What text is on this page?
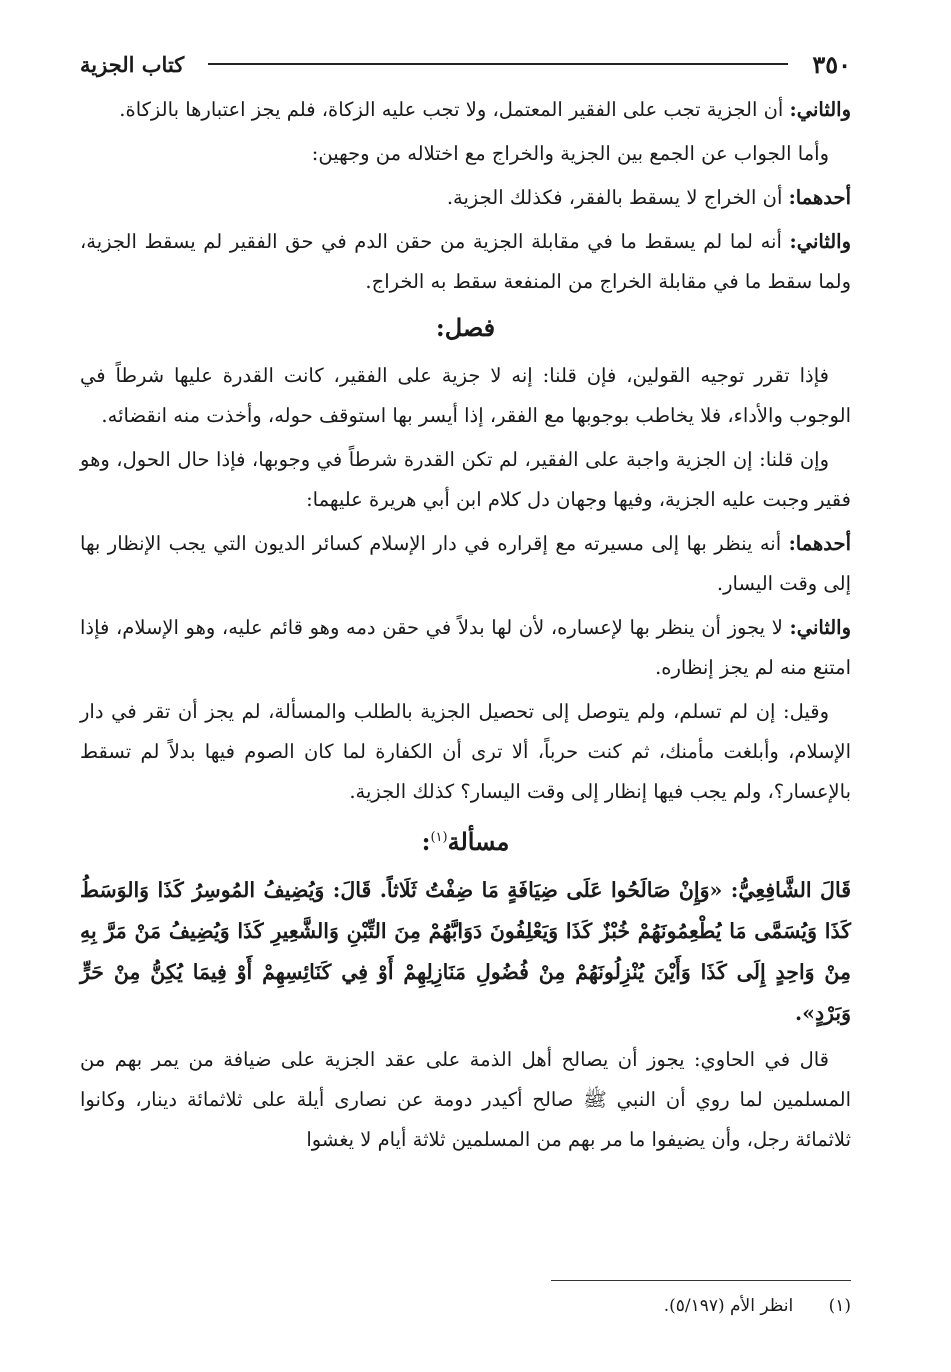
٣٥٠
كتاب الجزية

والثاني: أن الجزية تجب على الفقير المعتمل، ولا تجب عليه الزكاة، فلم يجز اعتبارها بالزكاة.

وأما الجواب عن الجمع بين الجزية والخراج مع اختلاله من وجهين:

أحدهما: أن الخراج لا يسقط بالفقر، فكذلك الجزية.

والثاني: أنه لما لم يسقط ما في مقابلة الجزية من حقن الدم في حق الفقير لم يسقط الجزية، ولما سقط ما في مقابلة الخراج من المنفعة سقط به الخراج.

فصل:

فإذا تقرر توجيه القولين، فإن قلنا: إنه لا جزية على الفقير، كانت القدرة عليها شرطاً في الوجوب والأداء، فلا يخاطب بوجوبها مع الفقر، إذا أيسر بها استوقف حوله، وأخذت منه انقضائه.

وإن قلنا: إن الجزية واجبة على الفقير، لم تكن القدرة شرطاً في وجوبها، فإذا حال الحول، وهو فقير وجبت عليه الجزية، وفيها وجهان دل كلام ابن أبي هريرة عليهما:

أحدهما: أنه ينظر بها إلى مسيرته مع إقراره في دار الإسلام كسائر الديون التي يجب الإنظار بها إلى وقت اليسار.

والثاني: لا يجوز أن ينظر بها لإعساره، لأن لها بدلاً في حقن دمه وهو قائم عليه، وهو الإسلام، فإذا امتنع منه لم يجز إنظاره.

وقيل: إن لم تسلم، ولم يتوصل إلى تحصيل الجزية بالطلب والمسألة، لم يجز أن تقر في دار الإسلام، وأبلغت مأمنك، ثم كنت حرباً، ألا ترى أن الكفارة لما كان الصوم فيها بدلاً لم تسقط بالإعسار؟، ولم يجب فيها إنظار إلى وقت اليسار؟ كذلك الجزية.

مسألة$^{(١)}$:

قَالَ الشَّافِعِيُّ: «وَإِنْ صَالَحُوا عَلَى ضِيَافَةٍ مَا ضِفْتُ ثَلَاثاً. قَالَ: وَيُضِيفُ المُوسِرُ كَذَا وَالوَسَطُ كَذَا وَيُسَمَّى مَا يُطْعِمُونَهُمْ خُبْزٌ كَذَا وَيَعْلِفُونَ دَوَابَّهُمْ مِنَ التِّبْنِ وَالشَّعِيرِ كَذَا وَيُضِيفُ مَنْ مَرَّ بِهِ مِنْ وَاحِدٍ إِلَى كَذَا وَأَيْنَ يُنْزِلُونَهُمْ مِنْ فُضُولِ مَنَازِلِهِمْ أَوْ فِي كَنَائِسِهِمْ أَوْ فِيمَا يُكِنُّ مِنْ حَرٍّ وَبَرْدٍ».

قال في الحاوي: يجوز أن يصالح أهل الذمة على عقد الجزية على ضيافة من يمر بهم من المسلمين لما روي أن النبي ﷺ صالح أكيدر دومة عن نصارى أيلة على ثلاثمائة دينار، وكانوا ثلاثمائة رجل، وأن يضيفوا ما مر بهم من المسلمين ثلاثة أيام لا يغشوا

(١) انظر الأم (٥/١٩٧).
